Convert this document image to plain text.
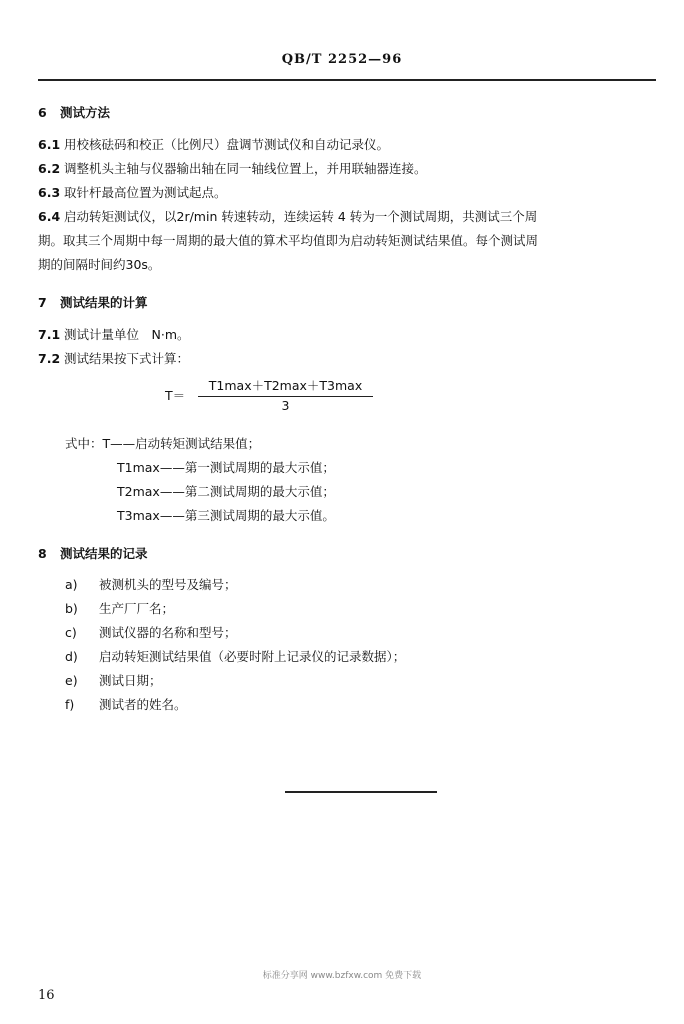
QB/T 2252—96
6 测试方法
6.1 用校核砝码和校正（比例尺）盘调节测试仪和自动记录仪。
6.2 调整机头主轴与仪器输出轴在同一轴线位置上，并用联轴器连接。
6.3 取针杆最高位置为测试起点。
6.4 启动转矩测试仪，以2r/min 转速转动，连续运转 4 转为一个测试周期，共测试三个周
期。取其三个周期中每一周期的最大值的算术平均值即为启动转矩测试结果值。每个测试周
期的间隔时间约30s。
7 测试结果的计算
7.1 测试计量单位　N·m。
7.2 测试结果按下式计算：
T＝
T1max＋T2max＋T3max
3
式中：T——启动转矩测试结果值；
T1max——第一测试周期的最大示值；
T2max——第二测试周期的最大示值；
T3max——第三测试周期的最大示值。
8 测试结果的记录
a) 被测机头的型号及编号；
b) 生产厂厂名；
c) 测试仪器的名称和型号；
d) 启动转矩测试结果值（必要时附上记录仪的记录数据）；
e) 测试日期；
f) 测试者的姓名。
标准分享网 www.bzfxw.com 免费下载
16
